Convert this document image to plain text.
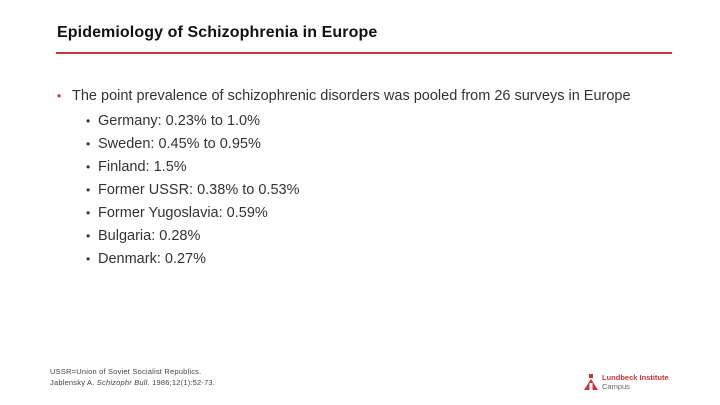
Epidemiology of Schizophrenia in Europe
• The point prevalence of schizophrenic disorders was pooled from 26 surveys in Europe
• Germany: 0.23% to 1.0%
• Sweden: 0.45% to 0.95%
• Finland: 1.5%
• Former USSR: 0.38% to 0.53%
• Former Yugoslavia: 0.59%
• Bulgaria: 0.28%
• Denmark: 0.27%
USSR=Union of Soviet Socialist Republics.
Jablensky A. Schizophr Bull. 1986;12(1):52-73.
Lundbeck Institute
Campus
